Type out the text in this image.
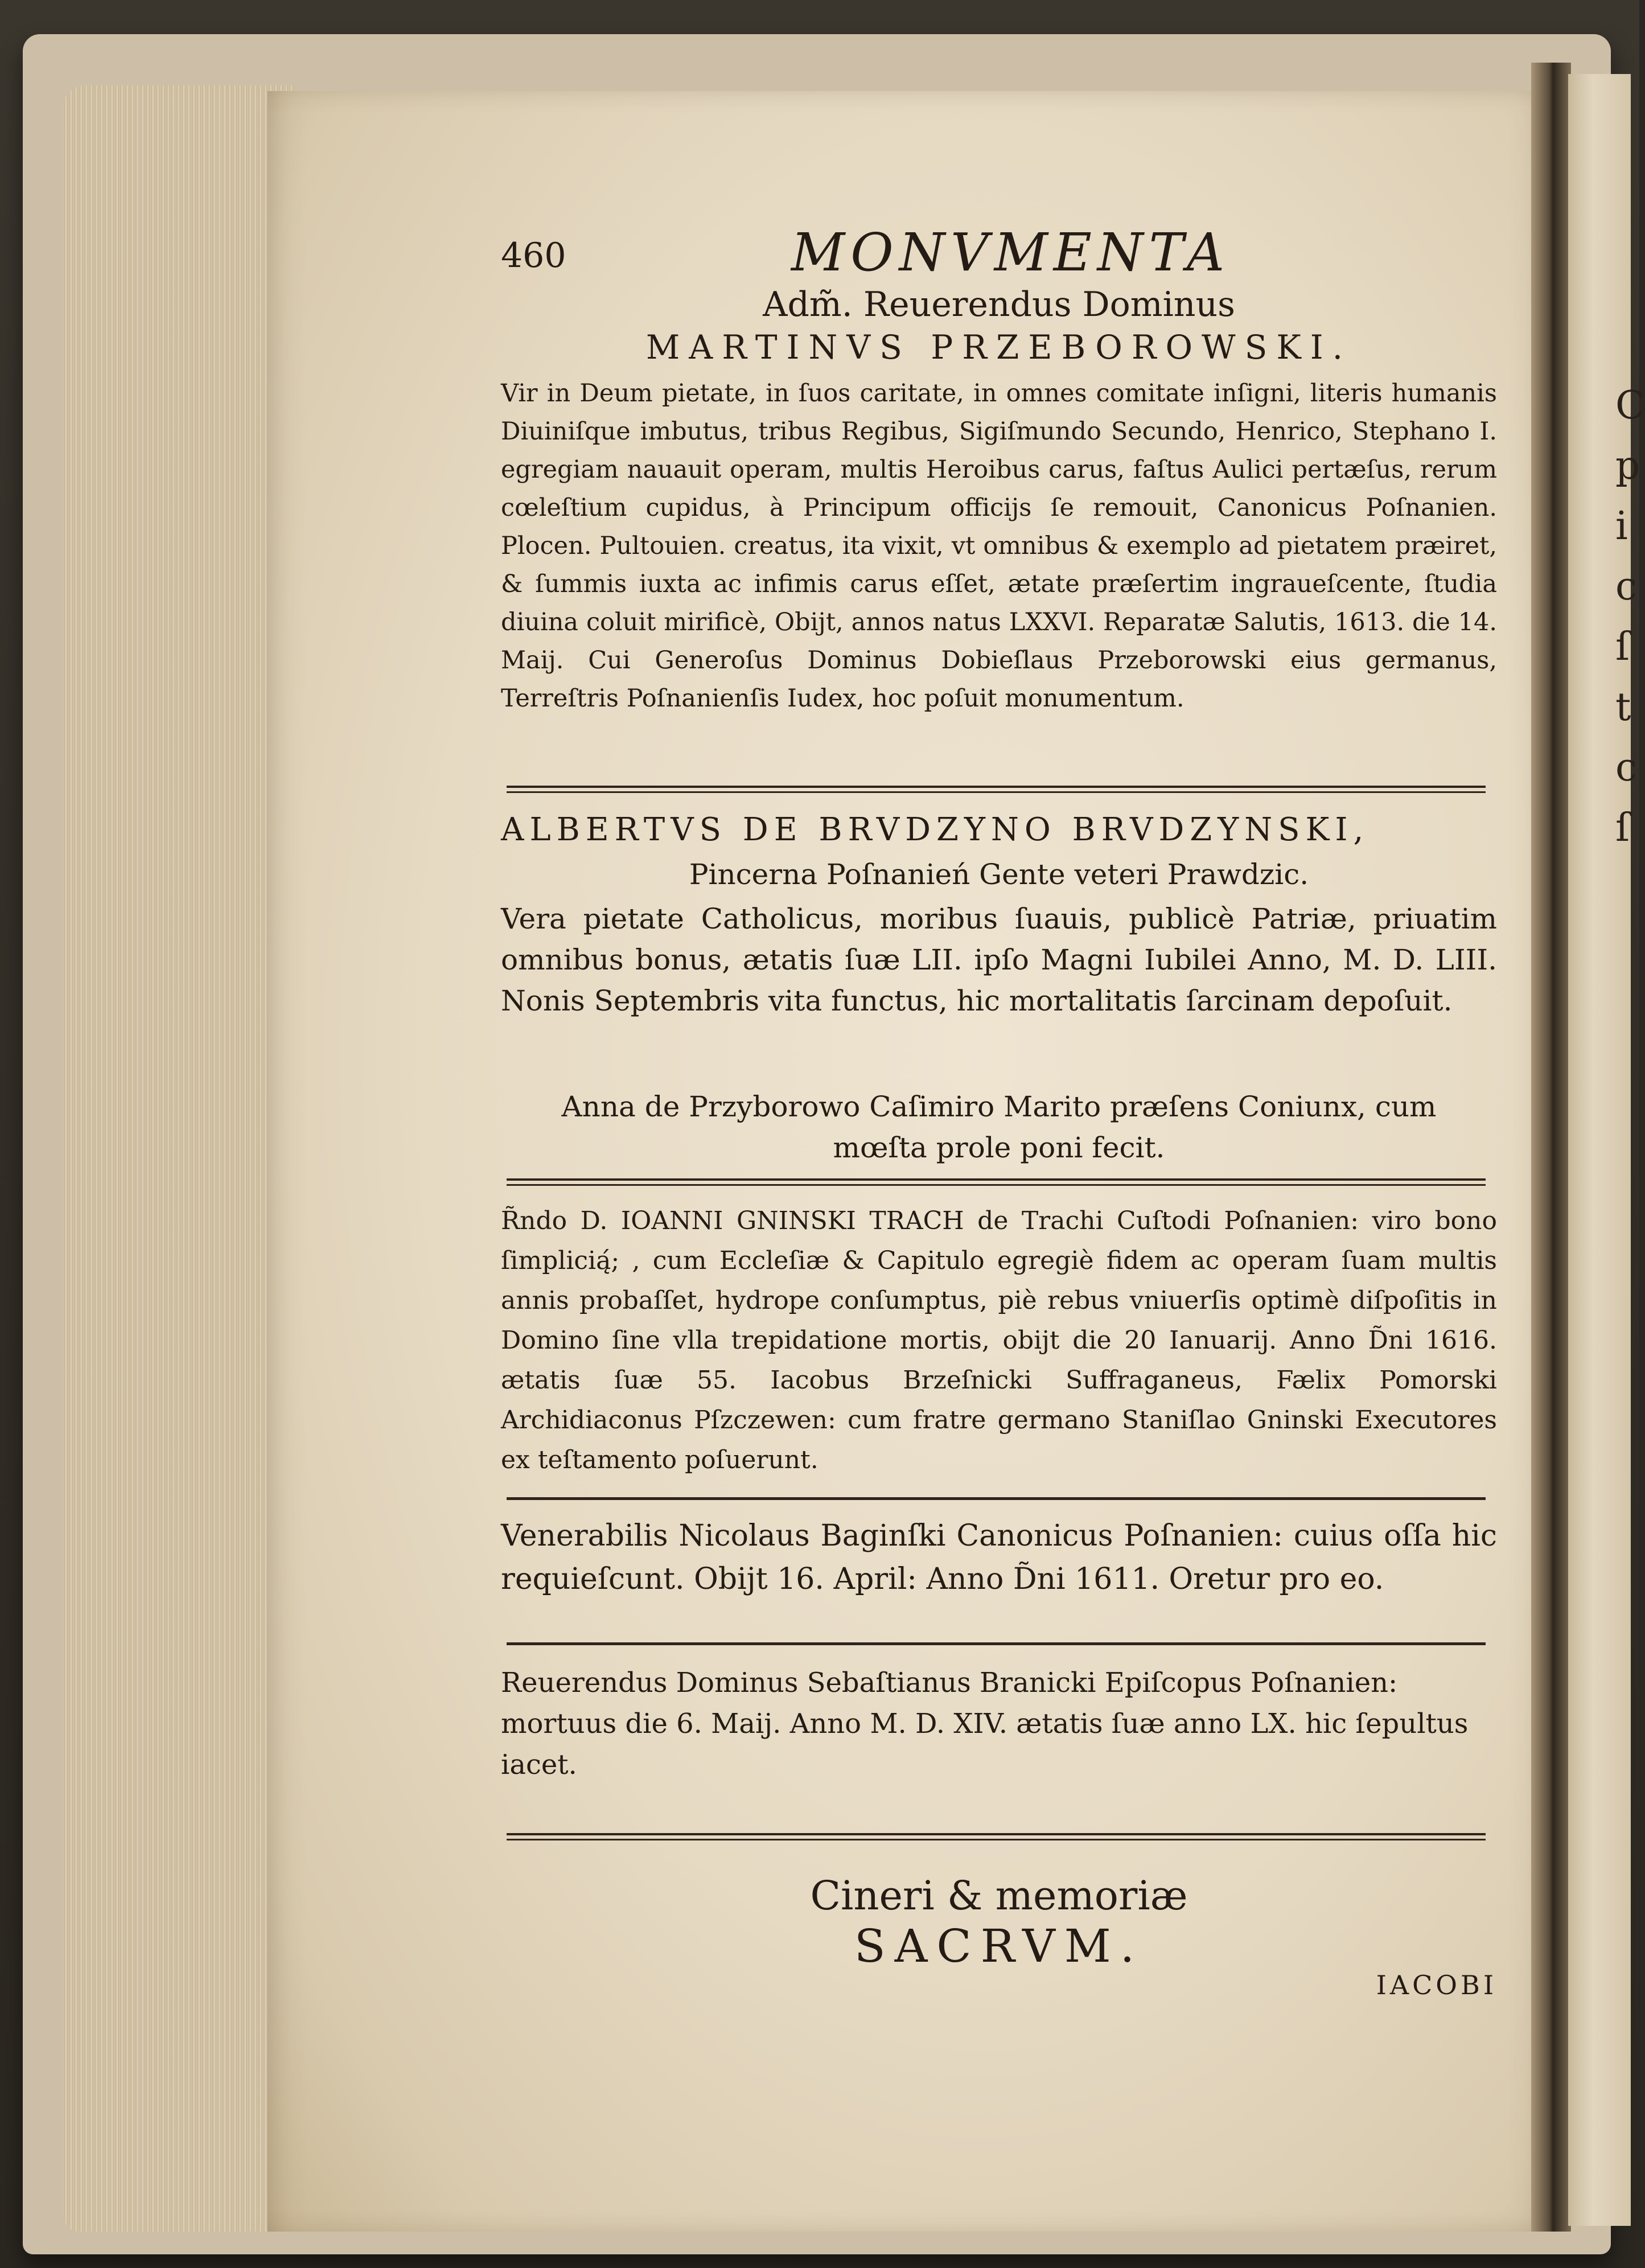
C
p
i
c
ſ
t
c
ſ
460	MONVMENTA
Adm̃. Reuerendus Dominus
MARTINVS PRZEBOROWSKI.
Vir in Deum pietate, in ſuos caritate, in omnes comitate inſigni, literis humanis Diuiniſque imbutus, tribus Regibus, Sigiſmundo Secundo, Henrico, Stephano I. egregiam nauauit operam, multis Heroibus carus, faſtus Aulici pertæſus, rerum cœleſtium cupidus, à Principum officijs ſe remouit, Canonicus Poſnanien. Plocen. Pultouien. creatus, ita vixit, vt omnibus & exemplo ad pietatem præiret, & ſummis iuxta ac infimis carus eſſet, ætate præſertim ingraueſcente, ſtudia diuina coluit mirificè, Obijt, annos natus LXXVI. Reparatæ Salutis, 1613. die 14. Maij. Cui Generoſus Dominus Dobieſlaus Przeborowski eius germanus, Terreſtris Poſnanienſis Iudex, hoc poſuit monumentum.
ALBERTVS DE BRVDZYNO BRVDZYNSKI,
Pincerna Poſnanień Gente veteri Prawdzic.
Vera pietate Catholicus, moribus ſuauis, publicè Patriæ, priuatim omnibus bonus, ætatis ſuæ LII. ipſo Magni Iubilei Anno, M. D. LIII. Nonis Septembris vita functus, hic mortalitatis ſarcinam depoſuit.
Anna de Przyborowo Caſimiro Marito præſens Coniunx, cum mœſta prole poni fecit.
R̃ndo D. IOANNI GNINSKI TRACH de Trachi Cuſtodi Poſnanien: viro bono ſimplicią́; , cum Eccleſiæ & Capitulo egregiè fidem ac operam ſuam multis annis probaſſet, hydrope conſumptus, piè rebus vniuerſis optimè diſpoſitis in Domino ſine vlla trepidatione mortis, obijt die 20 Ianuarij. Anno D̃ni 1616. ætatis ſuæ 55. Iacobus Brzeſnicki Suffraganeus, Fælix Pomorski Archidiaconus Pſzczewen: cum fratre germano Staniſlao Gninski Executores ex teſtamento poſuerunt.
Venerabilis Nicolaus Baginſki Canonicus Poſnanien: cuius oſſa hic requieſcunt. Obijt 16. April: Anno D̃ni 1611. Oretur pro eo.
Reuerendus Dominus Sebaſtianus Branicki Epiſcopus Poſnanien: mortuus die 6. Maij. Anno M. D. XIV. ætatis ſuæ anno LX. hic ſepultus iacet.
Cineri & memoriæ
SACRVM.
IACOBI
